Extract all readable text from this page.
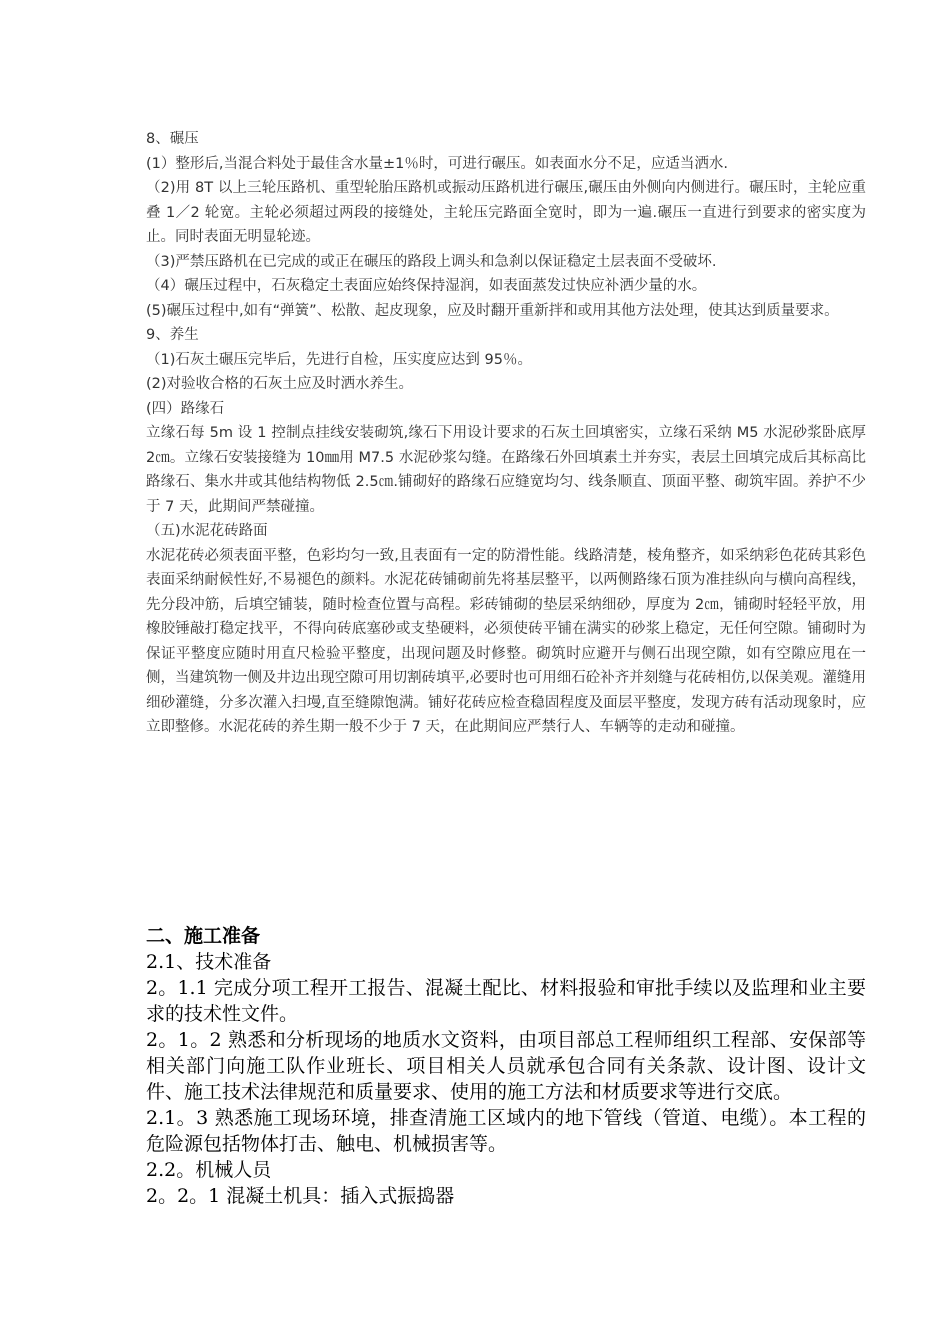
8、碾压

(1）整形后,当混合料处于最佳含水量±1％时，可进行碾压。如表面水分不足，应适当洒水.

（2)用 8T 以上三轮压路机、重型轮胎压路机或振动压路机进行碾压,碾压由外侧向内侧进行。碾压时，主轮应重叠 1／2 轮宽。主轮必须超过两段的接缝处，主轮压完路面全宽时，即为一遍.碾压一直进行到要求的密实度为止。同时表面无明显轮迹。

（3)严禁压路机在已完成的或正在碾压的路段上调头和急刹以保证稳定土层表面不受破坏.

（4）碾压过程中，石灰稳定土表面应始终保持湿润，如表面蒸发过快应补洒少量的水。

(5)碾压过程中,如有“弹簧”、松散、起皮现象，应及时翻开重新拌和或用其他方法处理，使其达到质量要求。

9、养生

（1)石灰土碾压完毕后，先进行自检，压实度应达到 95％。

(2)对验收合格的石灰土应及时洒水养生。

(四）路缘石

立缘石每 5m 设 1 控制点挂线安装砌筑,缘石下用设计要求的石灰土回填密实，立缘石采纳 M5 水泥砂浆卧底厚 2㎝。立缘石安装接缝为 10㎜用 M7.5 水泥砂浆勾缝。在路缘石外回填素土并夯实，表层土回填完成后其标高比路缘石、集水井或其他结构物低 2.5㎝.铺砌好的路缘石应缝宽均匀、线条顺直、顶面平整、砌筑牢固。养护不少于 7 天，此期间严禁碰撞。

（五)水泥花砖路面

水泥花砖必须表面平整，色彩均匀一致,且表面有一定的防滑性能。线路清楚，棱角整齐，如采纳彩色花砖其彩色表面采纳耐候性好,不易褪色的颜料。水泥花砖铺砌前先将基层整平，以两侧路缘石顶为准挂纵向与横向高程线，先分段冲筋，后填空铺装，随时检查位置与高程。彩砖铺砌的垫层采纳细砂，厚度为 2㎝，铺砌时轻轻平放，用橡胶锤敲打稳定找平，不得向砖底塞砂或支垫硬料，必须使砖平铺在满实的砂浆上稳定，无任何空隙。铺砌时为保证平整度应随时用直尺检验平整度，出现问题及时修整。砌筑时应避开与侧石出现空隙，如有空隙应甩在一侧，当建筑物一侧及井边出现空隙可用切割砖填平,必要时也可用细石砼补齐并刻缝与花砖相仿,以保美观。灌缝用细砂灌缝，分多次灌入扫墁,直至缝隙饱满。铺好花砖应检查稳固程度及面层平整度，发现方砖有活动现象时，应立即整修。水泥花砖的养生期一般不少于 7 天，在此期间应严禁行人、车辆等的走动和碰撞。

二、施工准备

2.1、技术准备

2。1.1 完成分项工程开工报告、混凝土配比、材料报验和审批手续以及监理和业主要求的技术性文件。

2。1。2 熟悉和分析现场的地质水文资料，由项目部总工程师组织工程部、安保部等相关部门向施工队作业班长、项目相关人员就承包合同有关条款、设计图、设计文件、施工技术法律规范和质量要求、使用的施工方法和材质要求等进行交底。

2.1。3 熟悉施工现场环境，排查清施工区域内的地下管线（管道、电缆）。本工程的危险源包括物体打击、触电、机械损害等。

2.2。机械人员

2。2。1 混凝土机具：插入式振捣器
